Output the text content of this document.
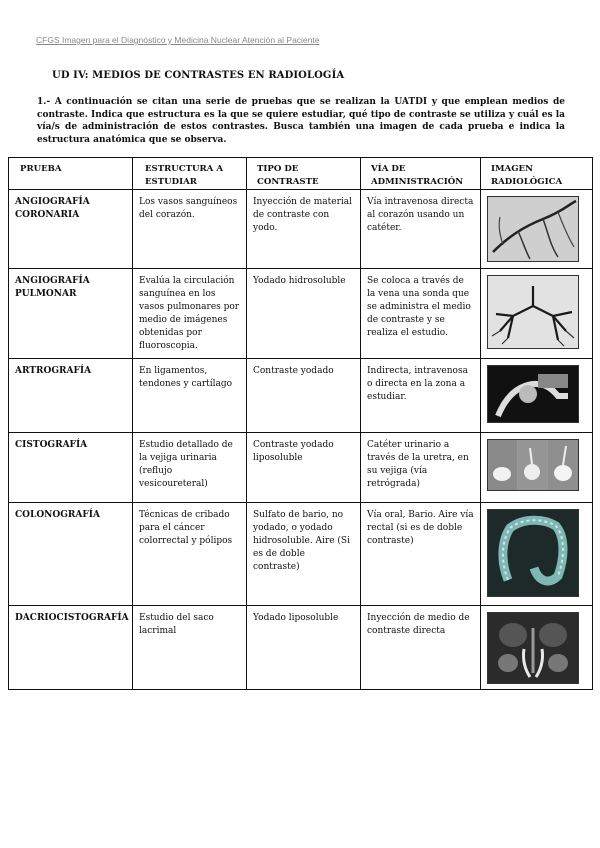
CFGS Imagen para el Diagnóstico y Medicina Nuclear Atención al Paciente
UD IV: MEDIOS DE CONTRASTES EN RADIOLOGÍA
1.- A continuación se citan una serie de pruebas que se realizan la UATDI y que emplean medios de contraste. Indica que estructura es la que se quiere estudiar, qué tipo de contraste se utiliza y cuál es la vía/s de administración de estos contrastes. Busca también una imagen de cada prueba e indica la estructura anatómica que se observa.
PRUEBA	ESTRUCTURA A ESTUDIAR	TIPO DE CONTRASTE	VÍA DE ADMINISTRACIÓN	IMAGEN RADIOLÓGICA
ANGIOGRAFÍA CORONARIA	Los vasos sanguíneos del corazón.	Inyección de material de contraste con yodo.	Vía intravenosa directa al corazón usando un catéter.	

ANGIOGRAFÍA PULMONAR	Evalúa la circulación sanguínea en los vasos pulmonares por medio de imágenes obtenidas por fluoroscopia.	Yodado hidrosoluble	Se coloca a través de la vena una sonda que se administra el medio de contraste y se realiza el estudio.	

ARTROGRAFÍA	En ligamentos, tendones y cartílago	Contraste yodado	Indirecta, intravenosa o directa en la zona a estudiar.	

CISTOGRAFÍA	Estudio detallado de la vejiga urinaria (reflujo vesicoureteral)	Contraste yodado liposoluble	Catéter urinario a través de la uretra, en su vejiga (vía retrógrada)	

COLONOGRAFÍA	Técnicas de cribado para el cáncer colorrectal y pólipos	Sulfato de bario, no yodado, o yodado hidrosoluble. Aire (Si es de doble contraste)	Vía oral, Bario. Aire vía rectal (si es de doble contraste)	

DACRIOCISTOGRAFÍA	Estudio del saco lacrimal	Yodado liposoluble	Inyección de medio de contraste directa	
